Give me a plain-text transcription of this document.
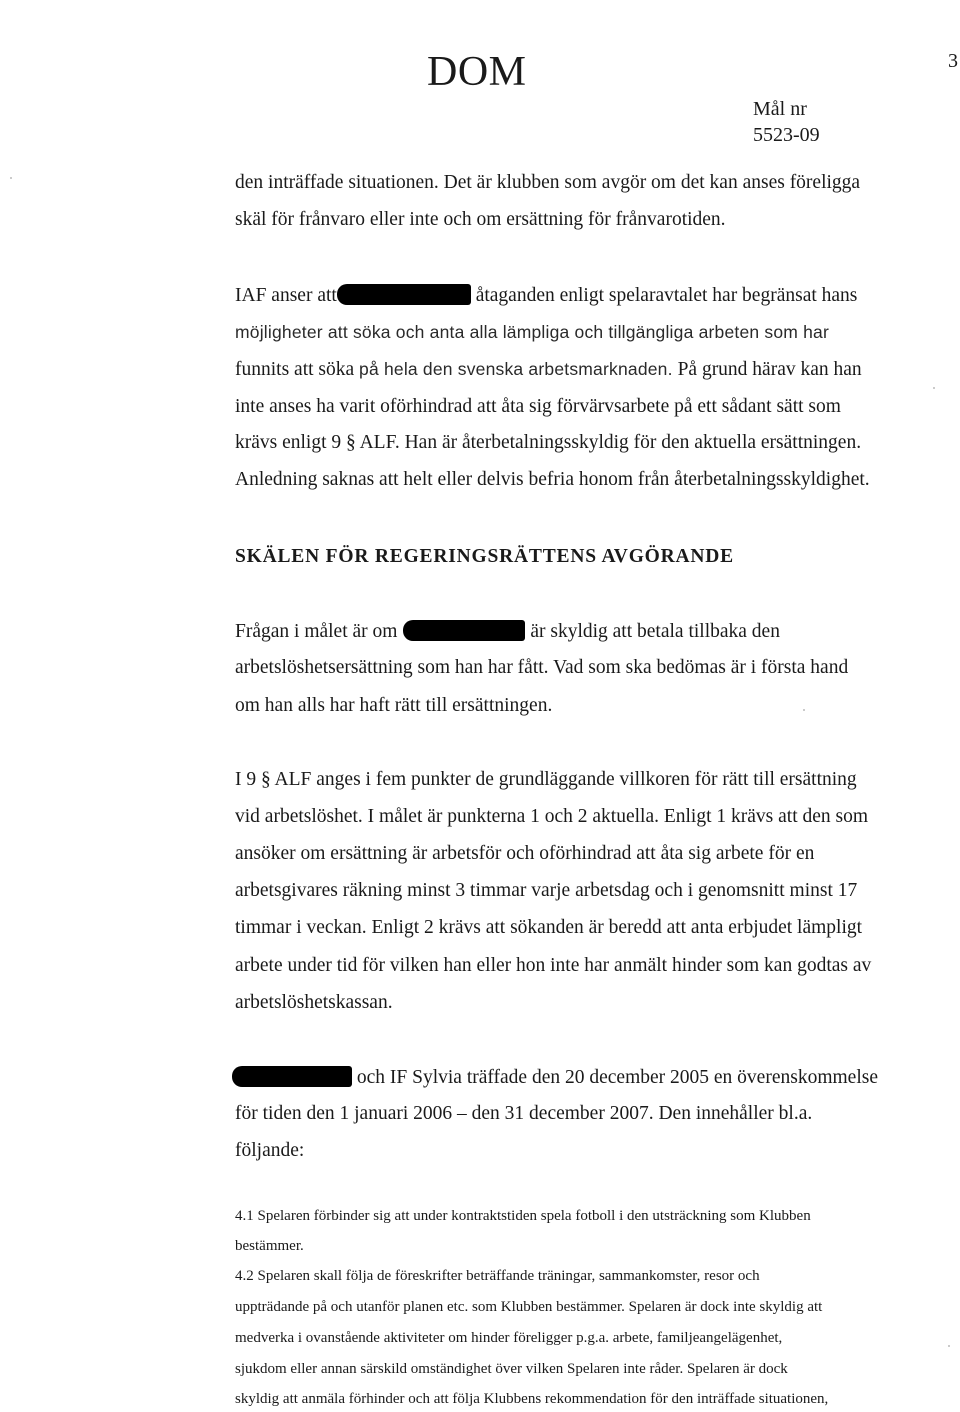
DOM	3
Mål nr
5523-09
den inträffade situationen. Det är klubben som avgör om det kan anses föreligga
skäl för frånvaro eller inte och om ersättning för frånvarotiden.
IAF anser att	åtaganden enligt spelaravtalet har begränsat hans
möjligheter att söka och anta alla lämpliga och tillgängliga arbeten som har
funnits att söka på hela den svenska arbetsmarknaden. På grund härav kan han
inte anses ha varit oförhindrad att åta sig förvärvsarbete på ett sådant sätt som
krävs enligt 9 § ALF. Han är återbetalningsskyldig för den aktuella ersättningen.
Anledning saknas att helt eller delvis befria honom från återbetalningsskyldighet.
SKÄLEN FÖR REGERINGSRÄTTENS AVGÖRANDE
Frågan i målet är om	är skyldig att betala tillbaka den
arbetslöshetsersättning som han har fått. Vad som ska bedömas är i första hand
om han alls har haft rätt till ersättningen.
I 9 § ALF anges i fem punkter de grundläggande villkoren för rätt till ersättning
vid arbetslöshet. I målet är punkterna 1 och 2 aktuella. Enligt 1 krävs att den som
ansöker om ersättning är arbetsför och oförhindrad att åta sig arbete för en
arbetsgivares räkning minst 3 timmar varje arbetsdag och i genomsnitt minst 17
timmar i veckan. Enligt 2 krävs att sökanden är beredd att anta erbjudet lämpligt
arbete under tid för vilken han eller hon inte har anmält hinder som kan godtas av
arbetslöshetskassan.
och IF Sylvia träffade den 20 december 2005 en överenskommelse
för tiden den 1 januari 2006 – den 31 december 2007. Den innehåller bl.a.
följande:
4.1 Spelaren förbinder sig att under kontraktstiden spela fotboll i den utsträckning som Klubben
bestämmer.
4.2 Spelaren skall följa de föreskrifter beträffande träningar, sammankomster, resor och
uppträdande på och utanför planen etc. som Klubben bestämmer. Spelaren är dock inte skyldig att
medverka i ovanstående aktiviteter om hinder föreligger p.g.a. arbete, familjeangelägenhet,
sjukdom eller annan särskild omständighet över vilken Spelaren inte råder. Spelaren är dock
skyldig att anmäla förhinder och att följa Klubbens rekommendation för den inträffade situationen,
